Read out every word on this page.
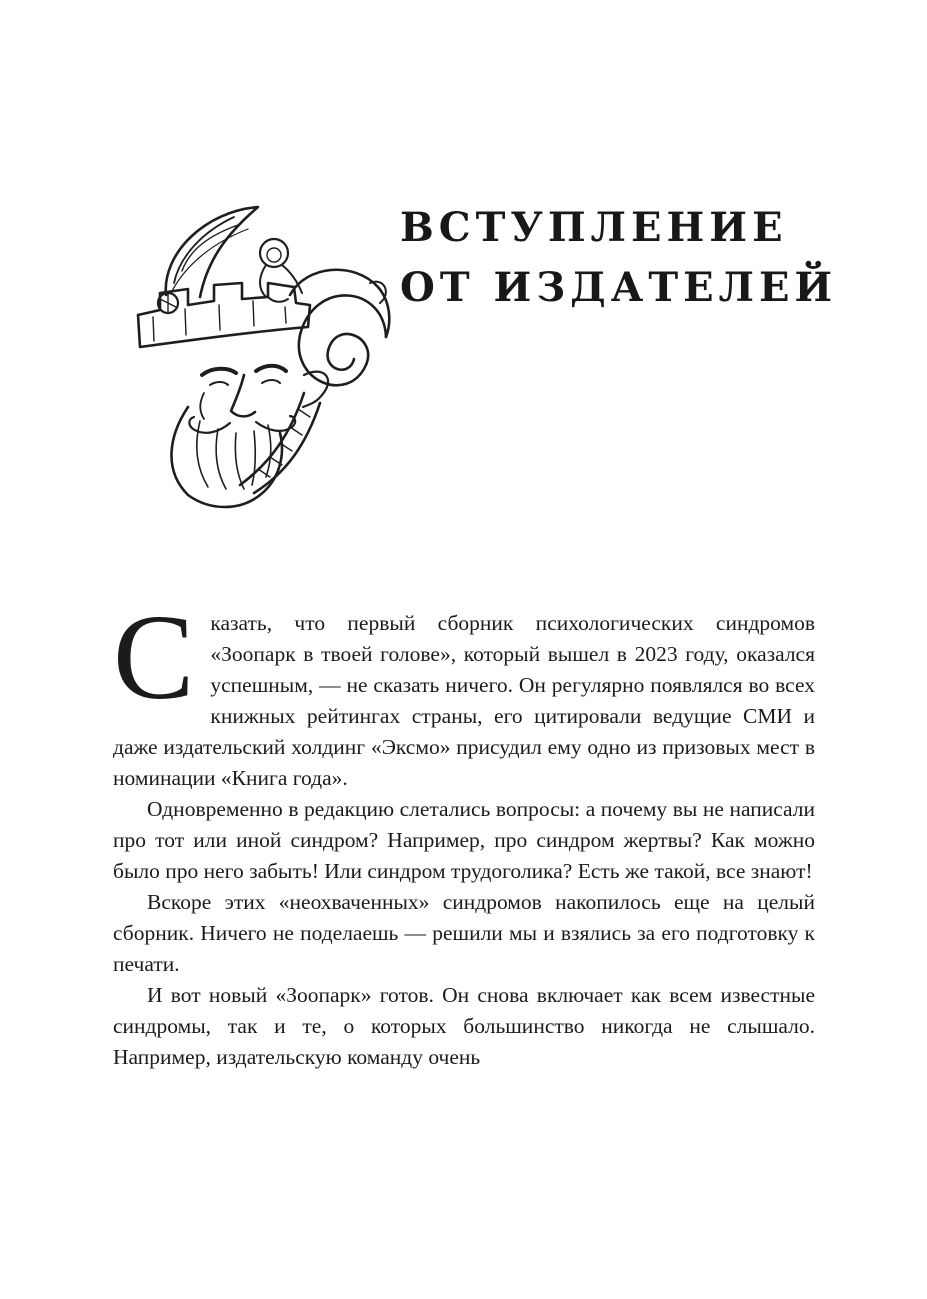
ВСТУПЛЕНИЕ
ОТ ИЗДАТЕЛЕЙ

Сказать, что первый сборник психологических синдромов «Зоопарк в твоей голове», который вышел в 2023 году, оказался успешным, — не сказать ничего. Он регулярно появлялся во всех книжных рейтингах страны, его цитировали ведущие СМИ и даже издательский холдинг «Эксмо» присудил ему одно из призовых мест в номинации «Книга года».

Одновременно в редакцию слетались вопросы: а почему вы не написали про тот или иной синдром? Например, про синдром жертвы? Как можно было про него забыть! Или синдром трудоголика? Есть же такой, все знают!

Вскоре этих «неохваченных» синдромов накопилось еще на целый сборник. Ничего не поделаешь — решили мы и взялись за его подготовку к печати.

И вот новый «Зоопарк» готов. Он снова включает как всем известные синдромы, так и те, о которых большинство никогда не слышало. Например, издательскую команду очень
